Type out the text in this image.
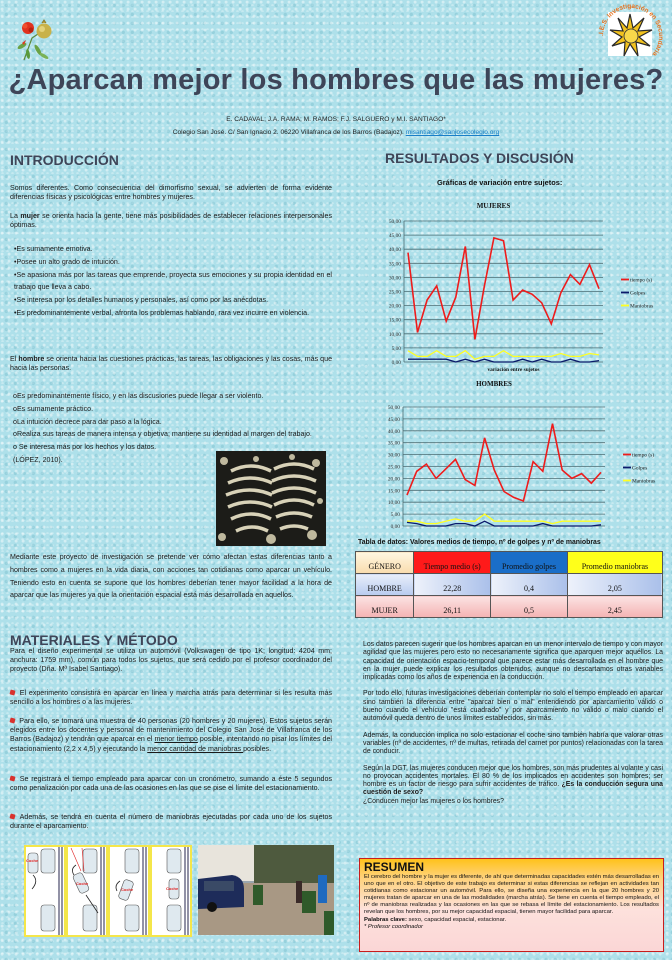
.I.E.S. Investigación en Secundaria
¿Aparcan mejor los hombres que las mujeres?
E. CADAVAL; J.A. RAMA; M. RAMOS; F.J. SALGUERO y M.I. SANTIAGO*
Colegio San José. C/ San Ignacio 2. 06220 Villafranca de los Barros (Badajoz). misantiago@sanjosecolegio.org
INTRODUCCIÓN
Somos diferentes. Como consecuencia del dimorfismo sexual, se advierten de forma evidente diferencias físicas y psicológicas entre hombres y mujeres.
La mujer se orienta hacia la gente, tiene más posibilidades de establecer relaciones interpersonales óptimas.

•Es sumamente emotiva.

•Posee un alto grado de intuición.

•Se apasiona más por las tareas que emprende, proyecta sus emociones y su propia identidad en el trabajo que lleva a cabo.

•Se interesa por los detalles humanos y personales, así como por las anécdotas.

•Es predominantemente verbal, afronta los problemas hablando, rara vez incurre en violencia.

El hombre se orienta hacia las cuestiones prácticas, las tareas, las obligaciones y las cosas, más que hacia las personas.

oEs predominantemente físico, y en las discusiones puede llegar a ser violento.

oEs sumamente práctico.

oLa intuición decrece para dar paso a la lógica.

oRealiza sus tareas de manera intensa y objetiva; mantiene su identidad al margen del trabajo.

o Se interesa más por los hechos y los datos.

(LÓPEZ, 2010).

Mediante este proyecto de investigación se pretende ver cómo afectan estas diferencias tanto a hombres como a mujeres en la vida diaria, con acciones tan cotidianas como aparcar un vehículo. Teniendo esto en cuenta se supone que los hombres deberían tener mayor facilidad a la hora de aparcar que las mujeres ya que la orientación espacial está más desarrollada en aquellos.
MATERIALES Y MÉTODO
Para el diseño experimental se utiliza un automóvil (Volkswagen de tipo 1K; longitud: 4204 mm; anchura: 1759 mm), común para todos los sujetos, que será cedido por el profesor coordinador del proyecto (Dña. Mª Isabel Santiago).
El experimento consistirá en aparcar en línea y marcha atrás para determinar si les resulta más sencillo a los hombres o a las mujeres.
Para ello, se tomará una muestra de 40 personas (20 hombres y 20 mujeres). Estos sujetos serán elegidos entre los docentes y personal de mantenimiento del Colegio San José de Villafranca de los Barros (Badajoz) y tendrán que aparcar en el menor tiempo posible, intentando no pisar los límites del estacionamiento (2,2 x 4,5) y ejecutando la menor cantidad de maniobras posibles.
Se registrará el tiempo empleado para aparcar con un cronómetro, sumando a éste 5 segundos como penalización por cada una de las ocasiones en las que se pise el límite del estacionamiento.
Además, se tendrá en cuenta el número de maniobras ejecutadas por cada uno de los sujetos durante el aparcamiento.
Coche
Coche
Coche	Coche
RESULTADOS Y DISCUSIÓN
Gráficas de variación entre sujetos:
MUJERES
0,00
5,00
10,00
15,00
20,00
25,00
30,00
35,00
40,00
45,00
50,00
tiempo (s)
Golpes
Maniobras
variación entre sujetos
HOMBRES
0,00
5,00
10,00
15,00
20,00
25,00
30,00
35,00
40,00
45,00
50,00
tiempo (s)
Golpes
Maniobras
Tabla de datos: Valores medios de tiempo, nº de golpes y nº de maniobras
GÉNERO	Tiempo medio (s)	Promedio golpes	Promedio maniobras
HOMBRE	22,28	0,4	2,05
MUJER	26,11	0,5	2,45

Los datos parecen sugerir que los hombres aparcan en un menor intervalo de tiempo y con mayor agilidad que las mujeres pero esto no necesariamente significa que aparquen mejor aquéllos. La capacidad de orientación espacio-temporal que parece estar más desarrollada en el hombre que en la mujer puede explicar los resultados obtenidos, aunque no descartamos otras variables implicadas como los años de experiencia en la conducción.

Por todo ello, futuras investigaciones deberían contemplar no solo el tiempo empleado en aparcar sino también la diferencia entre "aparcar bien o mal" entendiendo por aparcamiento válido o bueno cuando el vehículo "está cuadrado" y por aparcamiento no válido o malo cuando el automóvil queda dentro de unos límites establecidos, sin más.

Además, la conducción implica no solo estacionar el coche sino también habría que valorar otras variables (nº de accidentes, nº de multas, retirada del carnet por puntos) relacionadas con la tarea de conducir.

Según la DGT, las mujeres conducen mejor que los hombres, son más prudentes al volante y casi no provocan accidentes mortales. El 80 % de los implicados en accidentes son hombres; ser hombre es un factor de riesgo para sufrir accidentes de tráfico. ¿Es la conducción segura una cuestión de sexo?
¿Conducen mejor las mujeres o los hombres?

RESUMEN
El cerebro del hombre y la mujer es diferente, de ahí que determinadas capacidades estén más desarrolladas en uno que en el otro. El objetivo de este trabajo es determinar si estas diferencias se reflejan en actividades tan cotidianas como estacionar un automóvil. Para ello, se diseña una experiencia en la que 20 hombres y 20 mujeres tratan de aparcar en una de las modalidades (marcha atrás). Se tiene en cuenta el tiempo empleado, el nº de maniobras realizadas y las ocasiones en las que se rebasa el límite del estacionamiento. Los resultados revelan que los hombres, por su mejor capacidad espacial, tienen mayor facilidad para aparcar.
Palabras clave: sexo, capacidad espacial, estacionar.
* Profesor coordinador
